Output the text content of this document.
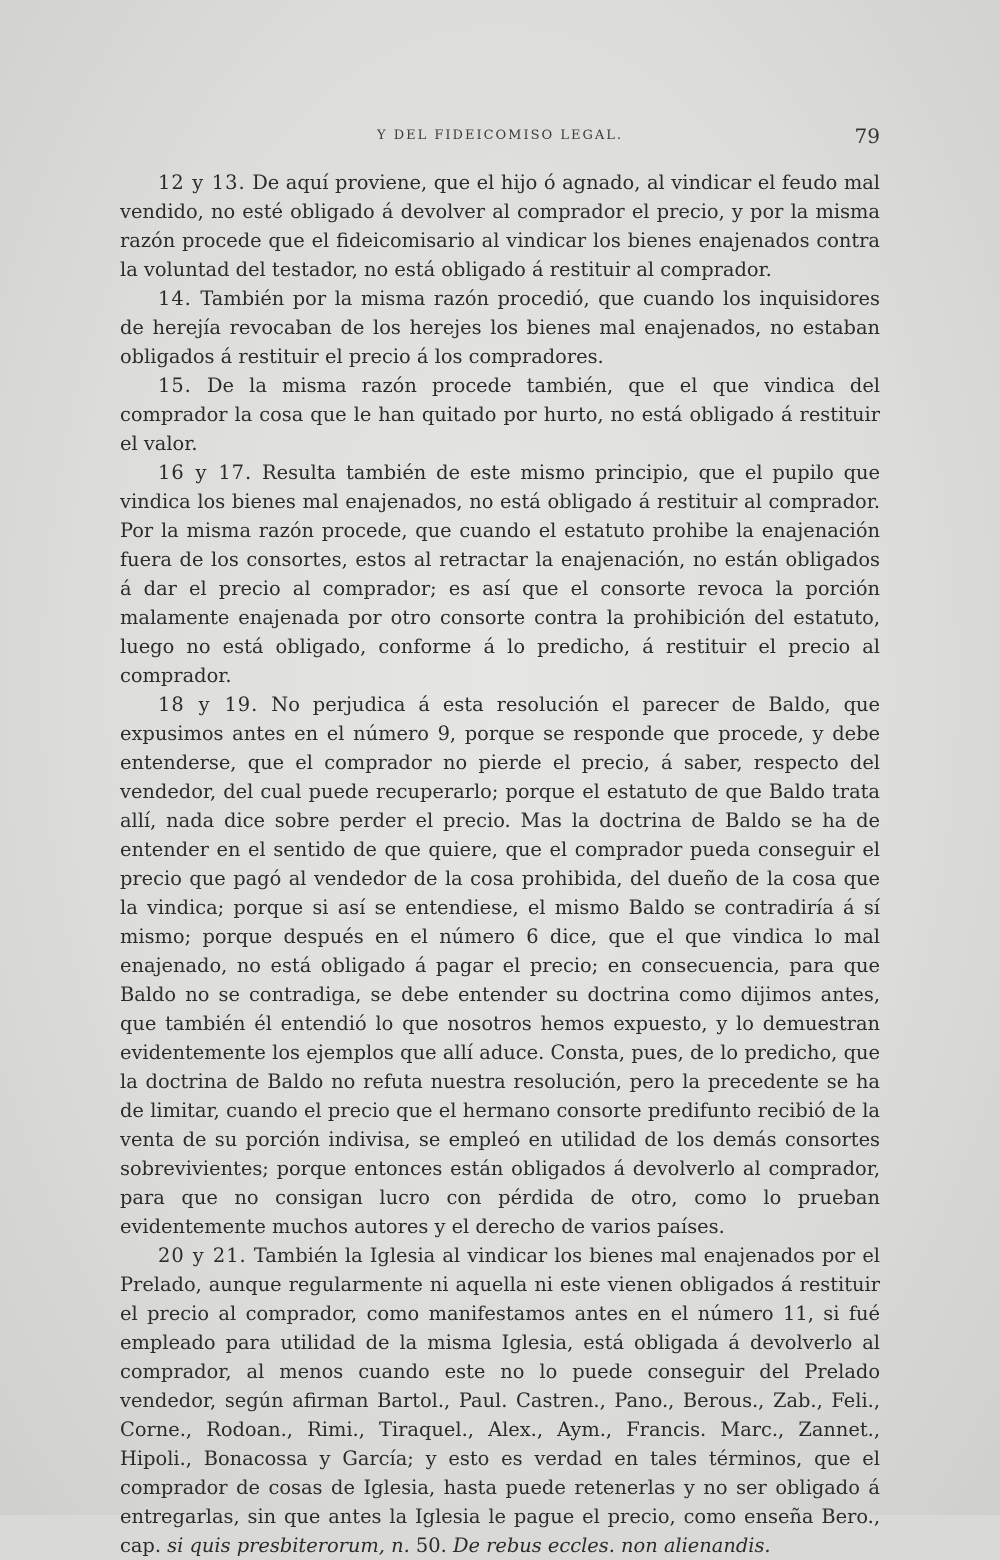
Y DEL FIDEICOMISO LEGAL.	79

12 y 13. De aquí proviene, que el hijo ó agnado, al vindicar el feudo mal vendido, no esté obligado á devolver al comprador el precio, y por la misma razón procede que el fideicomisario al vindicar los bienes enajenados contra la voluntad del testador, no está obligado á restituir al comprador.

14. También por la misma razón procedió, que cuando los inquisidores de herejía revocaban de los herejes los bienes mal enajenados, no estaban obligados á restituir el precio á los compradores.

15. De la misma razón procede también, que el que vindica del comprador la cosa que le han quitado por hurto, no está obligado á restituir el valor.

16 y 17. Resulta también de este mismo principio, que el pupilo que vindica los bienes mal enajenados, no está obligado á restituir al comprador. Por la misma razón procede, que cuando el estatuto prohibe la enajenación fuera de los consortes, estos al retractar la enajenación, no están obligados á dar el precio al comprador; es así que el consorte revoca la porción malamente enajenada por otro consorte contra la prohibición del estatuto, luego no está obligado, conforme á lo predicho, á restituir el precio al comprador.

18 y 19. No perjudica á esta resolución el parecer de Baldo, que expusimos antes en el número 9, porque se responde que procede, y debe entenderse, que el comprador no pierde el precio, á saber, respecto del vendedor, del cual puede recuperarlo; porque el estatuto de que Baldo trata allí, nada dice sobre perder el precio. Mas la doctrina de Baldo se ha de entender en el sentido de que quiere, que el comprador pueda conseguir el precio que pagó al vendedor de la cosa prohibida, del dueño de la cosa que la vindica; porque si así se entendiese, el mismo Baldo se contradiría á sí mismo; porque después en el número 6 dice, que el que vindica lo mal enajenado, no está obligado á pagar el precio; en consecuencia, para que Baldo no se contradiga, se debe entender su doctrina como dijimos antes, que también él entendió lo que nosotros hemos expuesto, y lo demuestran evidentemente los ejemplos que allí aduce. Consta, pues, de lo predicho, que la doctrina de Baldo no refuta nuestra resolución, pero la precedente se ha de limitar, cuando el precio que el hermano consorte predifunto recibió de la venta de su porción indivisa, se empleó en utilidad de los demás consortes sobrevivientes; porque entonces están obligados á devolverlo al comprador, para que no consigan lucro con pérdida de otro, como lo prueban evidentemente muchos autores y el derecho de varios países.

20 y 21. También la Iglesia al vindicar los bienes mal enajenados por el Prelado, aunque regularmente ni aquella ni este vienen obligados á restituir el precio al comprador, como manifestamos antes en el número 11, si fué empleado para utilidad de la misma Iglesia, está obligada á devolverlo al comprador, al menos cuando este no lo puede conseguir del Prelado vendedor, según afirman Bartol., Paul. Castren., Pano., Berous., Zab., Feli., Corne., Rodoan., Rimi., Tiraquel., Alex., Aym., Francis. Marc., Zannet., Hipoli., Bonacossa y García; y esto es verdad en tales términos, que el comprador de cosas de Iglesia, hasta puede retenerlas y no ser obligado á entregarlas, sin que antes la Iglesia le pague el precio, como enseña Bero., cap. si quis presbiterorum, n. 50. De rebus eccles. non alienandis.
